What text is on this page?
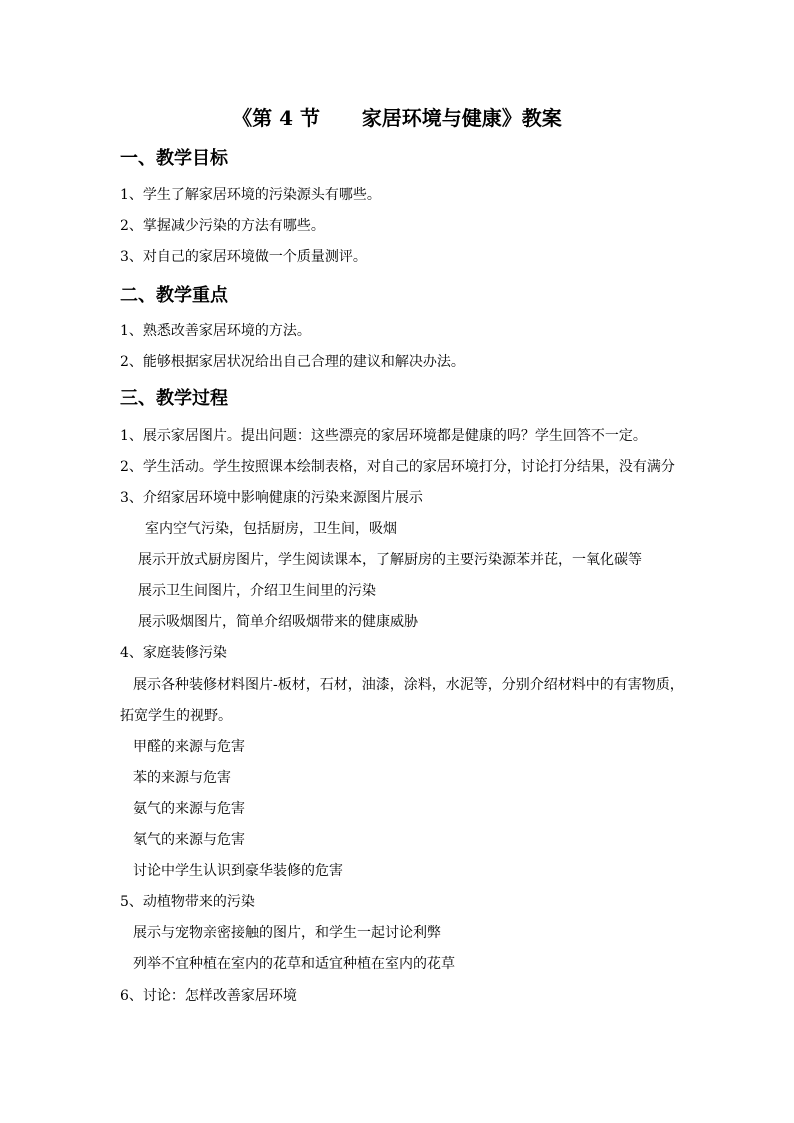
《第 4 节      家居环境与健康》教案
一、教学目标
1、学生了解家居环境的污染源头有哪些。
2、掌握减少污染的方法有哪些。
3、对自己的家居环境做一个质量测评。
二、教学重点
1、熟悉改善家居环境的方法。
2、能够根据家居状况给出自己合理的建议和解决办法。
三、教学过程
1、展示家居图片。提出问题：这些漂亮的家居环境都是健康的吗？学生回答不一定。
2、学生活动。学生按照课本绘制表格，对自己的家居环境打分，讨论打分结果，没有满分
3、介绍家居环境中影响健康的污染来源图片展示
室内空气污染，包括厨房，卫生间，吸烟
展示开放式厨房图片，学生阅读课本，了解厨房的主要污染源苯并芘，一氧化碳等
展示卫生间图片，介绍卫生间里的污染
展示吸烟图片，简单介绍吸烟带来的健康威胁
4、家庭装修污染
展示各种装修材料图片-板材，石材，油漆，涂料，水泥等，分别介绍材料中的有害物质，
拓宽学生的视野。
甲醛的来源与危害
苯的来源与危害
氨气的来源与危害
氡气的来源与危害
讨论中学生认识到豪华装修的危害
5、动植物带来的污染
展示与宠物亲密接触的图片，和学生一起讨论利弊
列举不宜种植在室内的花草和适宜种植在室内的花草
6、讨论：怎样改善家居环境
